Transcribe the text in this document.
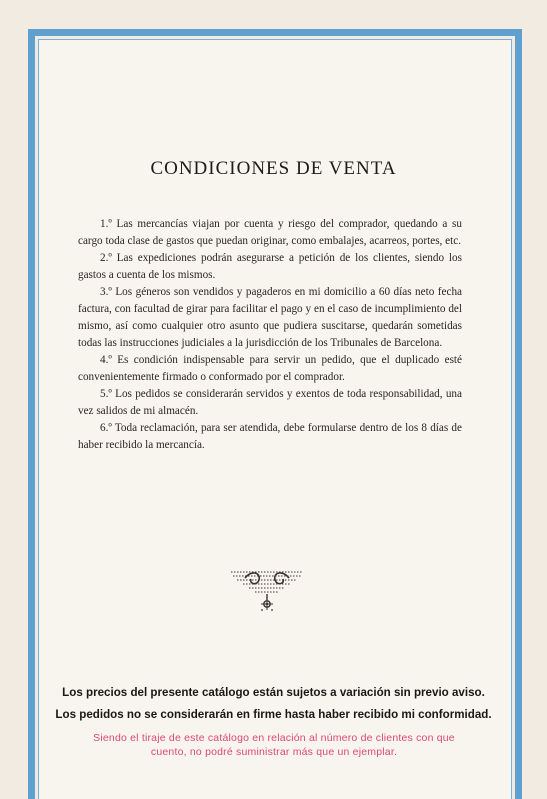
CONDICIONES DE VENTA

1.º Las mercancías viajan por cuenta y riesgo del comprador, quedando a su cargo toda clase de gastos que puedan originar, como embalajes, acarreos, portes, etc.

2.º Las expediciones podrán asegurarse a petición de los clientes, siendo los gastos a cuenta de los mismos.

3.º Los géneros son vendidos y pagaderos en mi domicilio a 60 días neto fecha factura, con facultad de girar para facilitar el pago y en el caso de incumplimiento del mismo, así como cualquier otro asunto que pudiera suscitarse, quedarán sometidas todas las instrucciones judiciales a la jurisdicción de los Tribunales de Barcelona.

4.º Es condición indispensable para servir un pedido, que el duplicado esté convenientemente firmado o conformado por el comprador.

5.º Los pedidos se considerarán servidos y exentos de toda responsabilidad, una vez salidos de mi almacén.

6.º Toda reclamación, para ser atendida, debe formularse dentro de los 8 días de haber recibido la mercancía.

Los precios del presente catálogo están sujetos a variación sin previo aviso.
Los pedidos no se considerarán en firme hasta haber recibido mi conformidad.
Siendo el tiraje de este catálogo en relación al número de clientes con que cuento, no podré suministrar más que un ejemplar.
